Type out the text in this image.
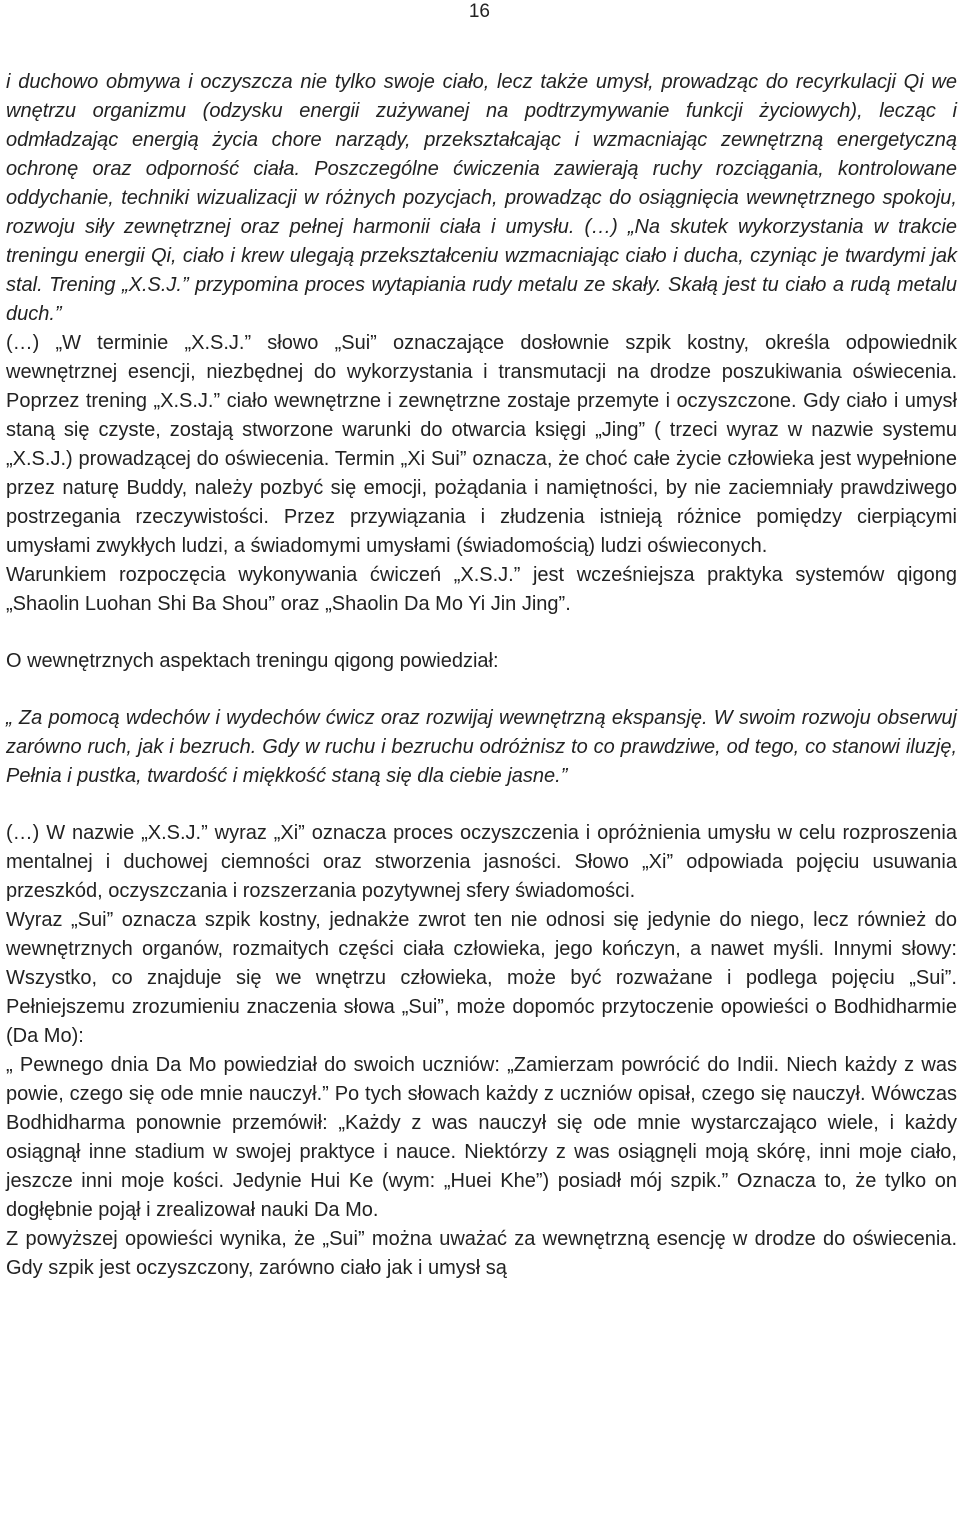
16

i duchowo obmywa i oczyszcza nie tylko swoje ciało, lecz także umysł, prowadząc do recyrkulacji Qi we wnętrzu organizmu (odzysku energii zużywanej na podtrzymywanie funkcji życiowych), lecząc i odmładzając energią życia chore narządy, przekształcając i wzmacniając zewnętrzną energetyczną ochronę oraz odporność ciała. Poszczególne ćwiczenia zawierają ruchy rozciągania, kontrolowane oddychanie, techniki wizualizacji w różnych pozycjach, prowadząc do osiągnięcia wewnętrznego spokoju, rozwoju siły zewnętrznej oraz pełnej harmonii ciała i umysłu. (…) „Na skutek wykorzystania w trakcie treningu energii Qi, ciało i krew ulegają przekształceniu wzmacniając ciało i ducha, czyniąc je twardymi jak stal. Trening „X.S.J.” przypomina proces wytapiania rudy metalu ze skały. Skałą jest tu ciało a rudą metalu duch.”

(…) „W terminie „X.S.J.” słowo „Sui” oznaczające dosłownie szpik kostny, określa odpowiednik wewnętrznej esencji, niezbędnej do wykorzystania i transmutacji na drodze poszukiwania oświecenia. Poprzez trening „X.S.J.” ciało wewnętrzne i zewnętrzne zostaje przemyte i oczyszczone. Gdy ciało i umysł staną się czyste, zostają stworzone warunki do otwarcia księgi „Jing” ( trzeci wyraz w nazwie systemu „X.S.J.) prowadzącej do oświecenia. Termin „Xi Sui” oznacza, że choć całe życie człowieka jest wypełnione przez naturę Buddy, należy pozbyć się emocji, pożądania i namiętności, by nie zaciemniały prawdziwego postrzegania rzeczywistości. Przez przywiązania i złudzenia istnieją różnice pomiędzy cierpiącymi umysłami zwykłych ludzi, a świadomymi umysłami (świadomością) ludzi oświeconych.

Warunkiem rozpoczęcia wykonywania ćwiczeń „X.S.J.” jest wcześniejsza praktyka systemów qigong „Shaolin Luohan Shi Ba Shou” oraz „Shaolin Da Mo Yi Jin Jing”.

O wewnętrznych aspektach treningu qigong powiedział:

„ Za pomocą wdechów i wydechów ćwicz oraz rozwijaj wewnętrzną ekspansję. W swoim rozwoju obserwuj zarówno ruch, jak i bezruch. Gdy w ruchu i bezruchu odróżnisz to co prawdziwe, od tego, co stanowi iluzję, Pełnia i pustka, twardość i miękkość staną się dla ciebie jasne.”

(…) W nazwie „X.S.J.” wyraz „Xi” oznacza proces oczyszczenia i opróżnienia umysłu w celu rozproszenia mentalnej i duchowej ciemności oraz stworzenia jasności. Słowo „Xi” odpowiada pojęciu usuwania przeszkód, oczyszczania i rozszerzania pozytywnej sfery świadomości.

Wyraz „Sui” oznacza szpik kostny, jednakże zwrot ten nie odnosi się jedynie do niego, lecz również do wewnętrznych organów, rozmaitych części ciała człowieka, jego kończyn, a nawet myśli. Innymi słowy: Wszystko, co znajduje się we wnętrzu człowieka, może być rozważane i podlega pojęciu „Sui”. Pełniejszemu zrozumieniu znaczenia słowa „Sui”, może dopomóc przytoczenie opowieści o Bodhidharmie (Da Mo):

„ Pewnego dnia Da Mo powiedział do swoich uczniów: „Zamierzam powrócić do Indii. Niech każdy z was powie, czego się ode mnie nauczył.” Po tych słowach każdy z uczniów opisał, czego się nauczył. Wówczas Bodhidharma ponownie przemówił: „Każdy z was nauczył się ode mnie wystarczająco wiele, i każdy osiągnął inne stadium w swojej praktyce i nauce. Niektórzy z was osiągnęli moją skórę, inni moje ciało, jeszcze inni moje kości. Jedynie Hui Ke (wym: „Huei Khe”) posiadł mój szpik.” Oznacza to, że tylko on dogłębnie pojął i zrealizował nauki Da Mo.

Z powyższej opowieści wynika, że „Sui” można uważać za wewnętrzną esencję w drodze do oświecenia. Gdy szpik jest oczyszczony, zarówno ciało jak i umysł są
